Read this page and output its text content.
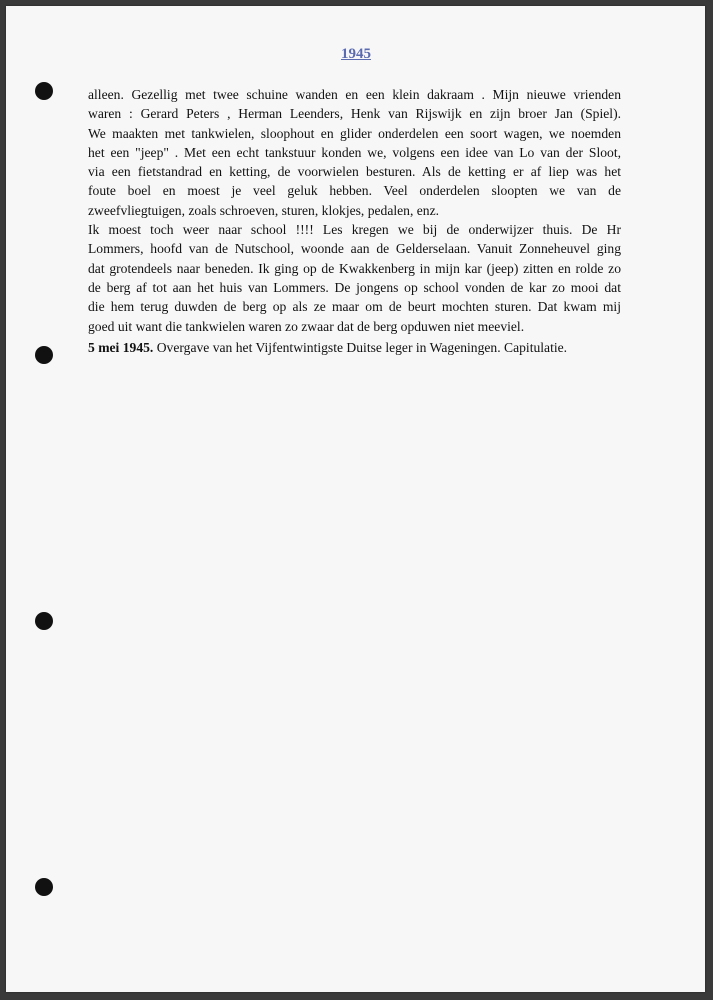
1945
alleen. Gezellig met twee schuine wanden en een klein dakraam . Mijn nieuwe vrienden
waren : Gerard Peters , Herman Leenders, Henk van Rijswijk en zijn broer Jan (Spiel).
We maakten met tankwielen, sloophout en glider onderdelen een soort wagen, we noemden
het een "jeep" . Met een echt tankstuur konden we, volgens een idee van Lo van der Sloot,
via een fietstandrad en ketting, de voorwielen besturen. Als de ketting er af liep was het
foute boel en moest je veel geluk hebben. Veel onderdelen sloopten we van de
zweefvliegtuigen, zoals schroeven, sturen, klokjes, pedalen, enz.
Ik moest toch weer naar school !!!! Les kregen we bij de onderwijzer thuis. De Hr
Lommers, hoofd van de Nutschool, woonde aan de Gelderselaan. Vanuit Zonneheuvel ging
dat grotendeels naar beneden. Ik ging op de Kwakkenberg in mijn kar (jeep) zitten en rolde zo
de berg af tot aan het huis van Lommers. De jongens op school vonden de kar zo mooi dat
die hem terug duwden de berg op als ze maar om de beurt mochten sturen. Dat kwam mij
goed uit want die tankwielen waren zo zwaar dat de berg opduwen niet meeviel.
5 mei 1945. Overgave van het Vijfentwintigste Duitse leger in Wageningen. Capitulatie.
